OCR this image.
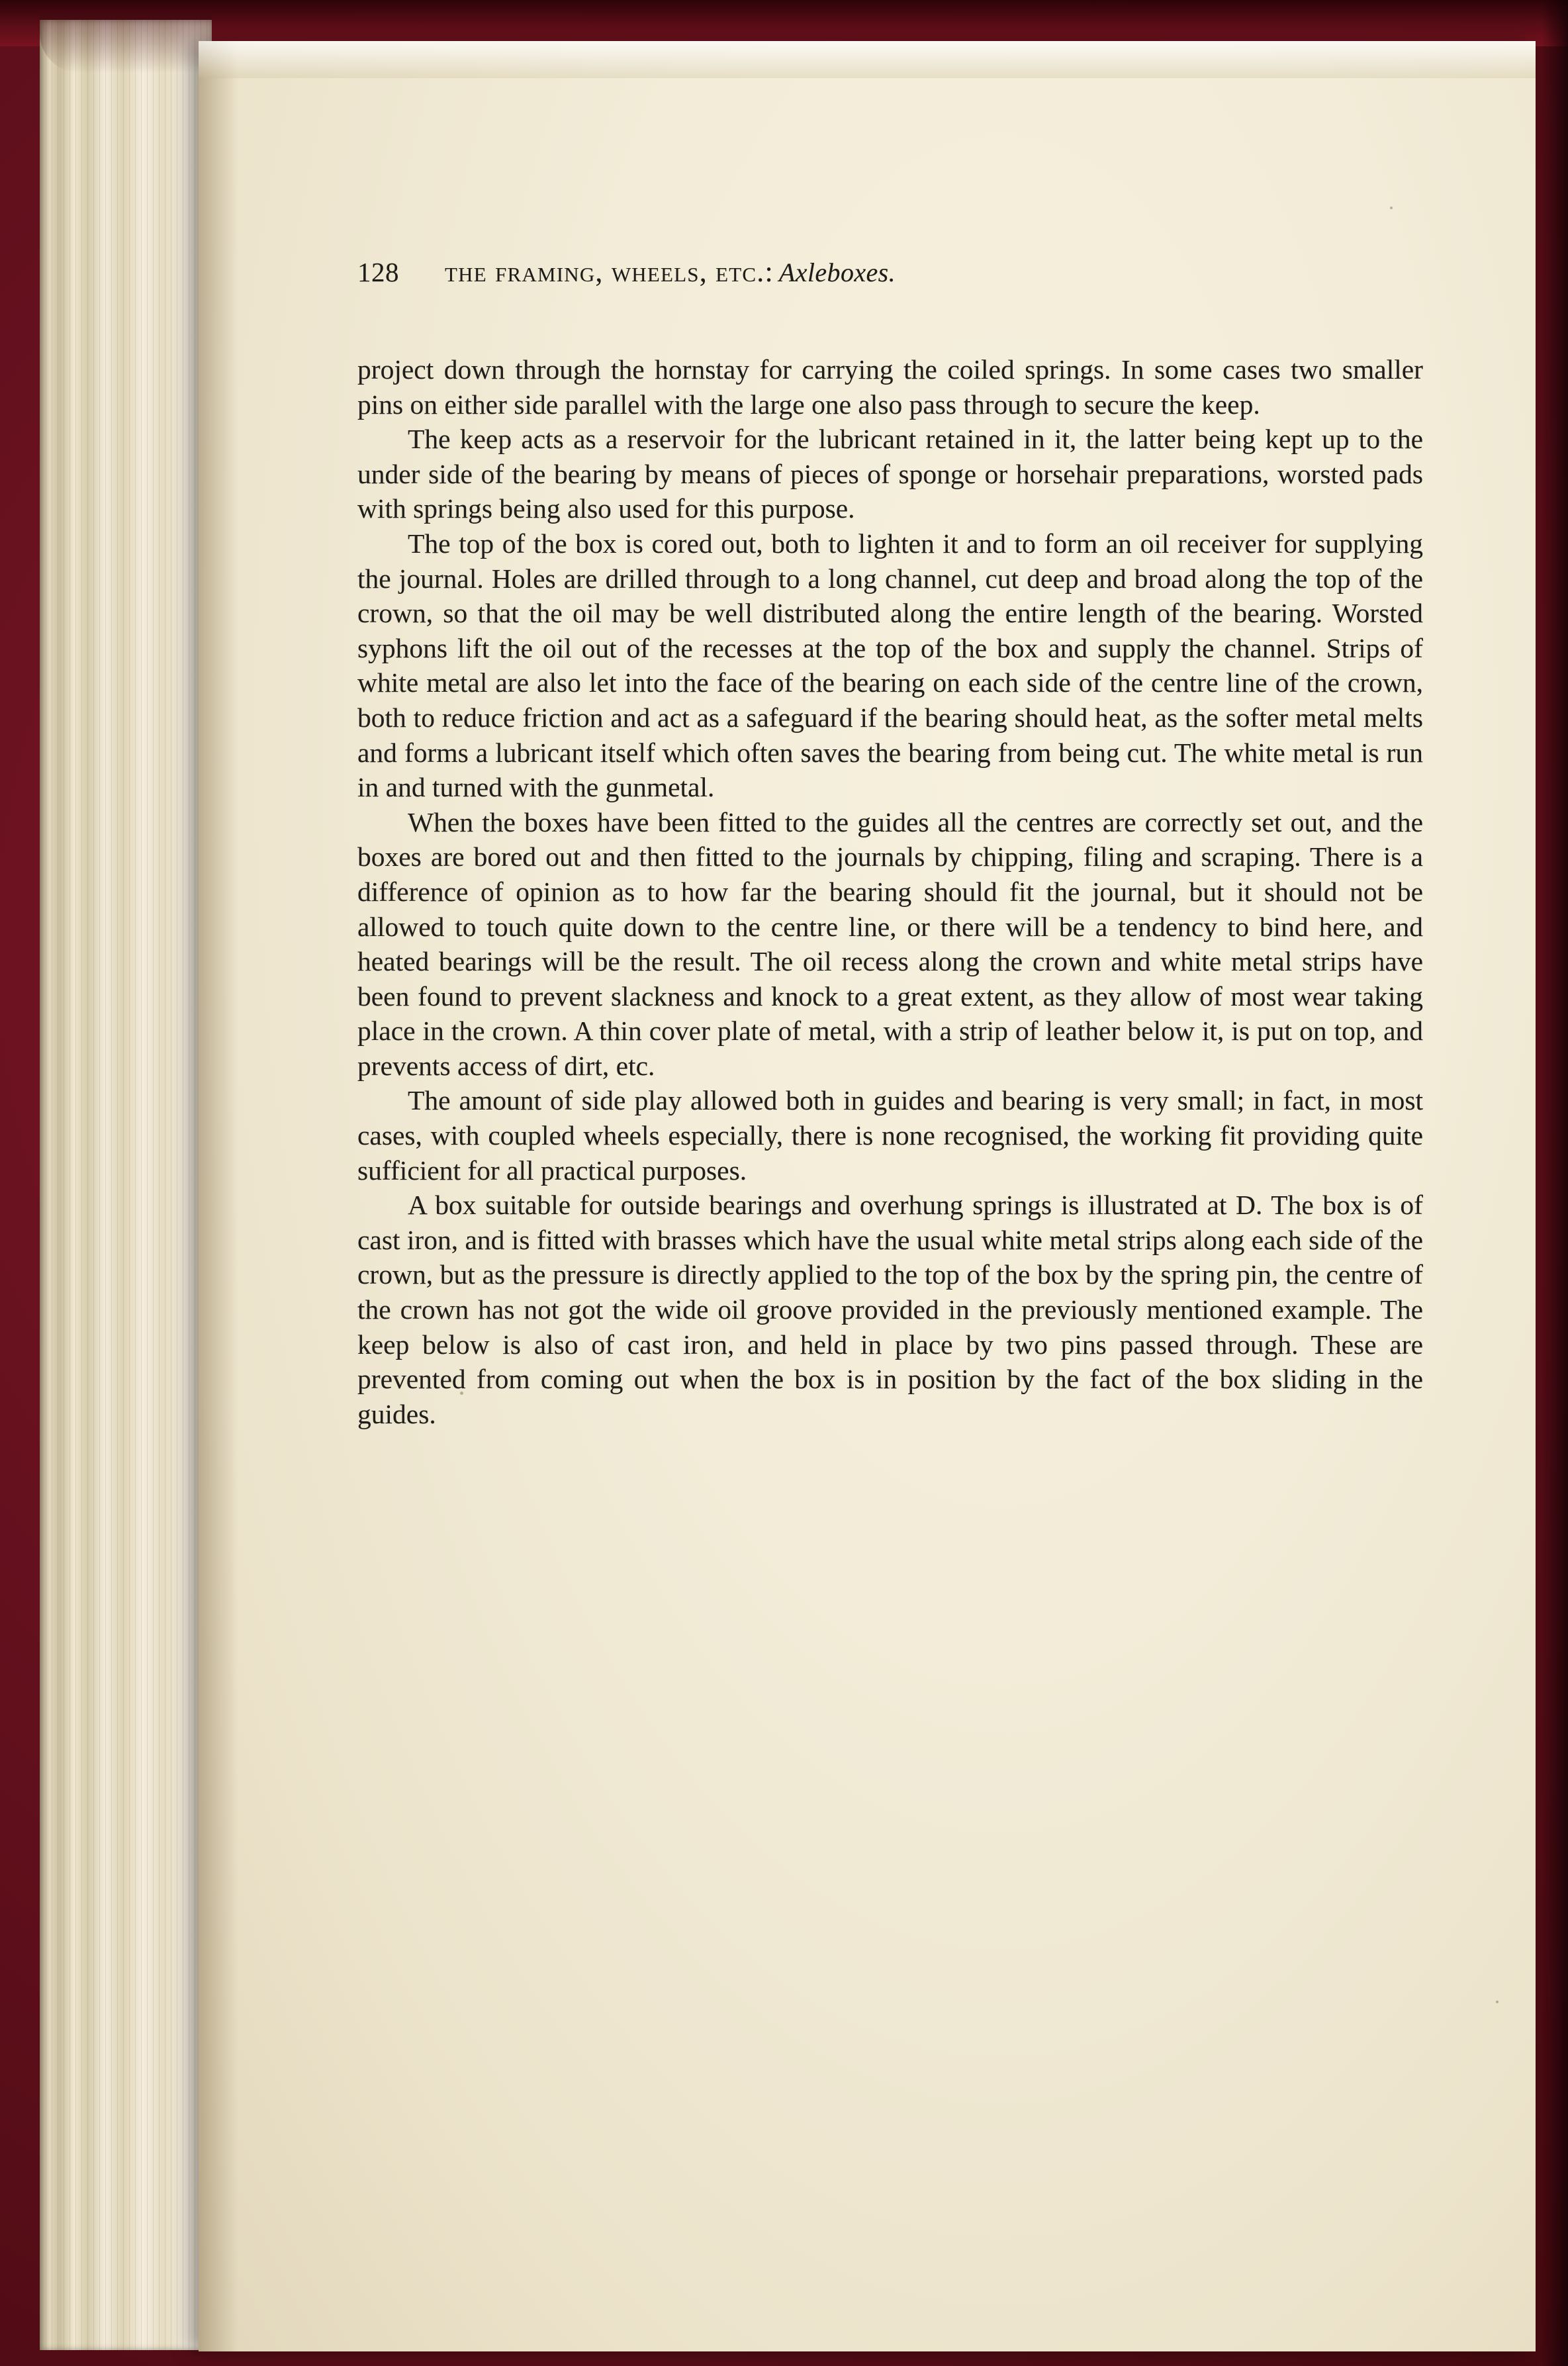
128	the framing, wheels, etc.: Axleboxes.

project down through the hornstay for carrying the coiled springs. In some cases two smaller pins on either side parallel with the large one also pass through to secure the keep.

The keep acts as a reservoir for the lubricant retained in it, the latter being kept up to the under side of the bearing by means of pieces of sponge or horsehair preparations, worsted pads with springs being also used for this purpose.

The top of the box is cored out, both to lighten it and to form an oil receiver for supplying the journal. Holes are drilled through to a long channel, cut deep and broad along the top of the crown, so that the oil may be well distributed along the entire length of the bearing. Worsted syphons lift the oil out of the recesses at the top of the box and supply the channel. Strips of white metal are also let into the face of the bearing on each side of the centre line of the crown, both to reduce friction and act as a safeguard if the bearing should heat, as the softer metal melts and forms a lubricant itself which often saves the bearing from being cut. The white metal is run in and turned with the gunmetal.

When the boxes have been fitted to the guides all the centres are correctly set out, and the boxes are bored out and then fitted to the journals by chipping, filing and scraping. There is a difference of opinion as to how far the bearing should fit the journal, but it should not be allowed to touch quite down to the centre line, or there will be a tendency to bind here, and heated bearings will be the result. The oil recess along the crown and white metal strips have been found to prevent slackness and knock to a great extent, as they allow of most wear taking place in the crown. A thin cover plate of metal, with a strip of leather below it, is put on top, and prevents access of dirt, etc.

The amount of side play allowed both in guides and bearing is very small; in fact, in most cases, with coupled wheels especially, there is none recognised, the working fit providing quite sufficient for all practical purposes.

A box suitable for outside bearings and overhung springs is illustrated at D. The box is of cast iron, and is fitted with brasses which have the usual white metal strips along each side of the crown, but as the pressure is directly applied to the top of the box by the spring pin, the centre of the crown has not got the wide oil groove provided in the previously mentioned example. The keep below is also of cast iron, and held in place by two pins passed through. These are prevented from coming out when the box is in position by the fact of the box sliding in the guides.
